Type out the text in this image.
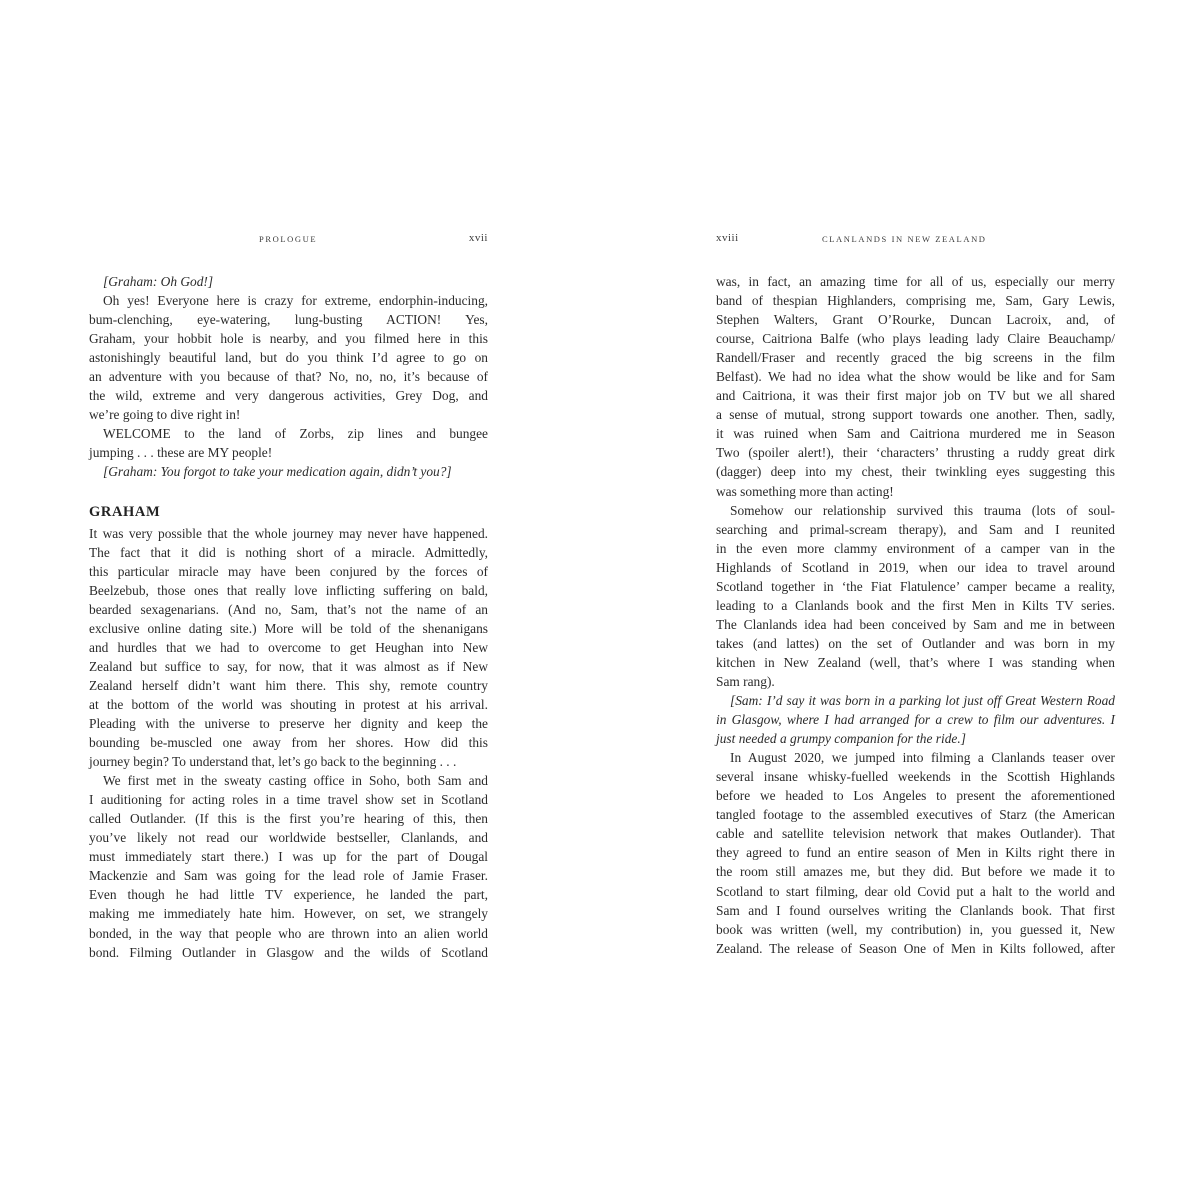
PROLOGUE	xvii
[Graham: Oh God!]
Oh yes! Everyone here is crazy for extreme, endorphin-inducing,
bum-clenching, eye-watering, lung-busting ACTION! Yes,
Graham, your hobbit hole is nearby, and you filmed here in this
astonishingly beautiful land, but do you think I’d agree to go on
an adventure with you because of that? No, no, no, it’s because of
the wild, extreme and very dangerous activities, Grey Dog, and
we’re going to dive right in!
WELCOME to the land of Zorbs, zip lines and bungee
jumping . . . these are MY people!
[Graham: You forgot to take your medication again, didn’t you?]
GRAHAM
It was very possible that the whole journey may never have happened.
The fact that it did is nothing short of a miracle. Admittedly,
this particular miracle may have been conjured by the forces of
Beelzebub, those ones that really love inflicting suffering on bald,
bearded sexagenarians. (And no, Sam, that’s not the name of an
exclusive online dating site.) More will be told of the shenanigans
and hurdles that we had to overcome to get Heughan into New
Zealand but suffice to say, for now, that it was almost as if New
Zealand herself didn’t want him there. This shy, remote country
at the bottom of the world was shouting in protest at his arrival.
Pleading with the universe to preserve her dignity and keep the
bounding be-muscled one away from her shores. How did this
journey begin? To understand that, let’s go back to the beginning . . .
We first met in the sweaty casting office in Soho, both Sam and
I auditioning for acting roles in a time travel show set in Scotland
called Outlander. (If this is the first you’re hearing of this, then
you’ve likely not read our worldwide bestseller, Clanlands, and
must immediately start there.) I was up for the part of Dougal
Mackenzie and Sam was going for the lead role of Jamie Fraser.
Even though he had little TV experience, he landed the part,
making me immediately hate him. However, on set, we strangely
bonded, in the way that people who are thrown into an alien world
bond. Filming Outlander in Glasgow and the wilds of Scotland
xviii	CLANLANDS IN NEW ZEALAND
was, in fact, an amazing time for all of us, especially our merry
band of thespian Highlanders, comprising me, Sam, Gary Lewis,
Stephen Walters, Grant O’Rourke, Duncan Lacroix, and, of
course, Caitriona Balfe (who plays leading lady Claire Beauchamp/
Randell/Fraser and recently graced the big screens in the film
Belfast). We had no idea what the show would be like and for Sam
and Caitriona, it was their first major job on TV but we all shared
a sense of mutual, strong support towards one another. Then, sadly,
it was ruined when Sam and Caitriona murdered me in Season
Two (spoiler alert!), their ‘characters’ thrusting a ruddy great dirk
(dagger) deep into my chest, their twinkling eyes suggesting this
was something more than acting!
Somehow our relationship survived this trauma (lots of soul-
searching and primal-scream therapy), and Sam and I reunited
in the even more clammy environment of a camper van in the
Highlands of Scotland in 2019, when our idea to travel around
Scotland together in ‘the Fiat Flatulence’ camper became a reality,
leading to a Clanlands book and the first Men in Kilts TV series.
The Clanlands idea had been conceived by Sam and me in between
takes (and lattes) on the set of Outlander and was born in my
kitchen in New Zealand (well, that’s where I was standing when
Sam rang).
[Sam: I’d say it was born in a parking lot just off Great Western Road
in Glasgow, where I had arranged for a crew to film our adventures. I
just needed a grumpy companion for the ride.]
In August 2020, we jumped into filming a Clanlands teaser over
several insane whisky-fuelled weekends in the Scottish Highlands
before we headed to Los Angeles to present the aforementioned
tangled footage to the assembled executives of Starz (the American
cable and satellite television network that makes Outlander). That
they agreed to fund an entire season of Men in Kilts right there in
the room still amazes me, but they did. But before we made it to
Scotland to start filming, dear old Covid put a halt to the world and
Sam and I found ourselves writing the Clanlands book. That first
book was written (well, my contribution) in, you guessed it, New
Zealand. The release of Season One of Men in Kilts followed, after
